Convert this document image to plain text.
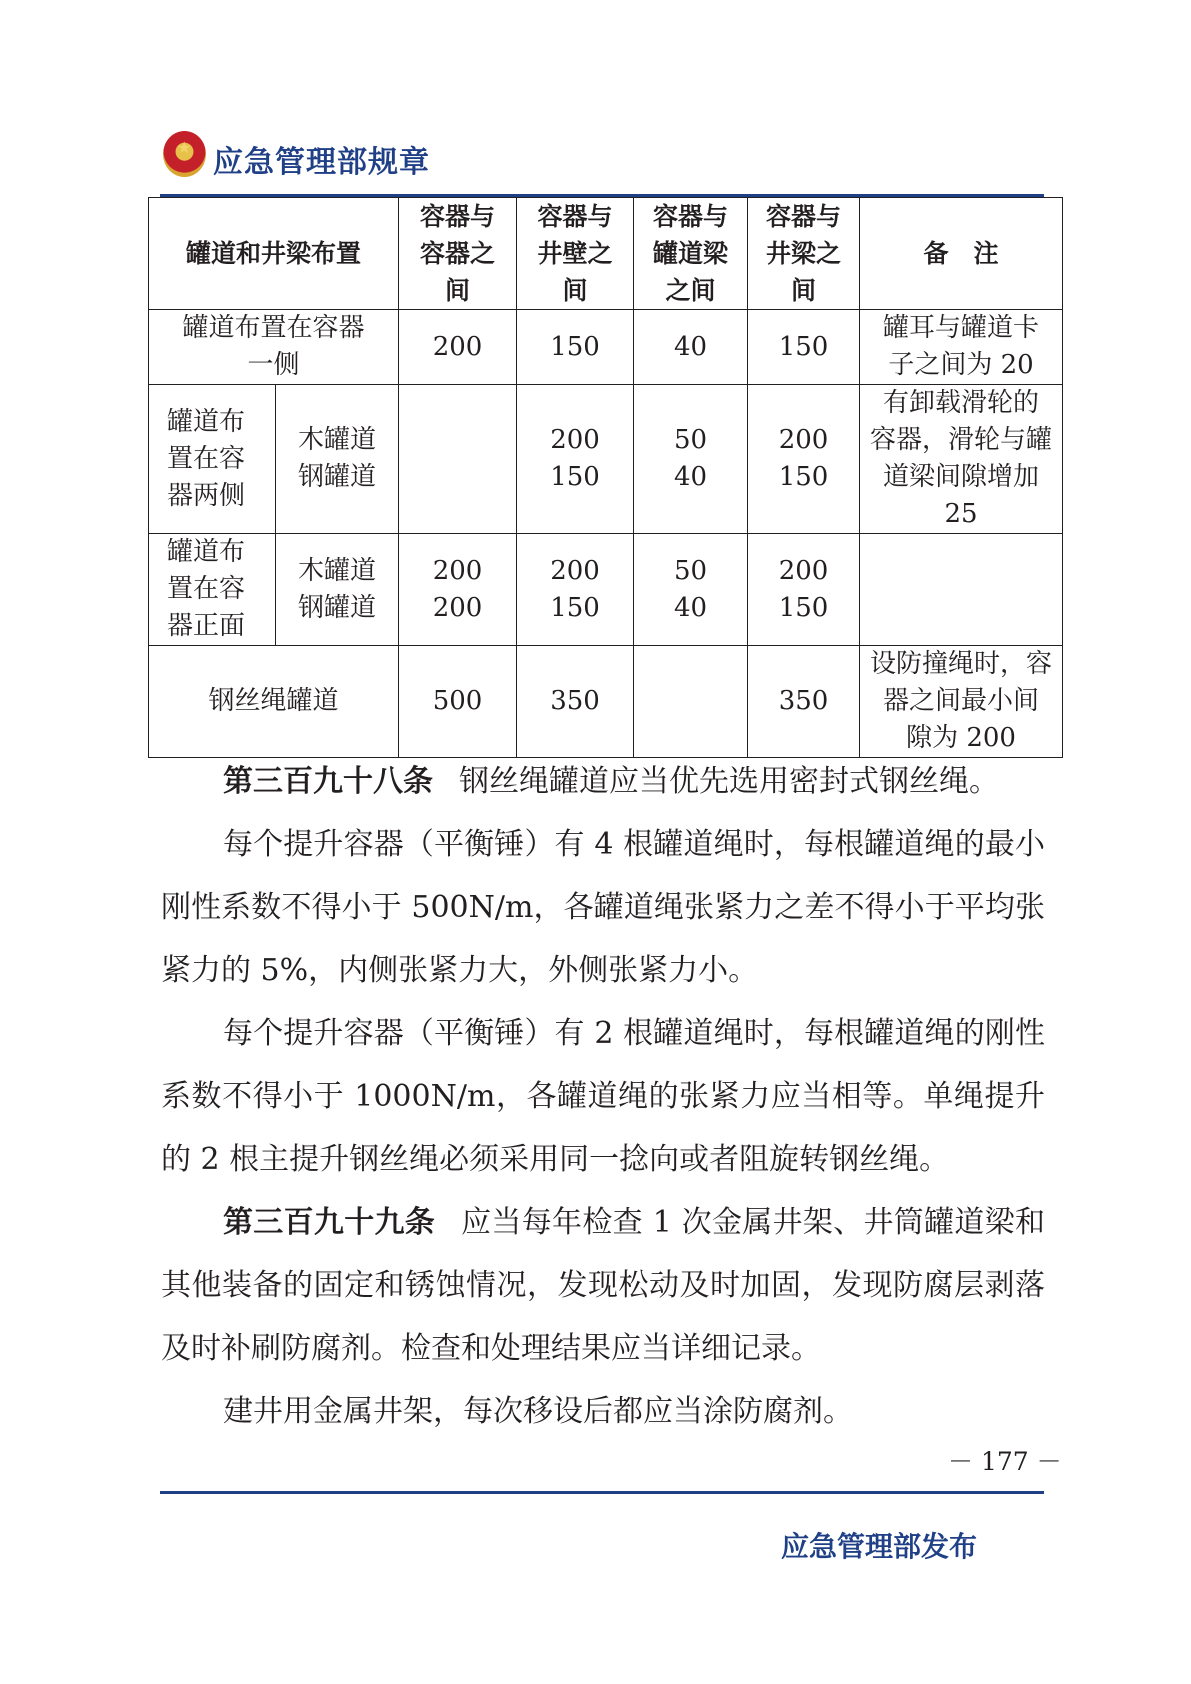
★ 应急管理部规章
罐道和井梁布置		容器与
容器之
间	容器与
井壁之
间	容器与
罐道梁
之间	容器与
井梁之
间	备　注
罐道布置在容器
一侧		200	150	40	150	罐耳与罐道卡
子之间为 20
罐道布
置在容
器两侧	木罐道
钢罐道		200
150	50
40	200
150	有卸载滑轮的
容器，滑轮与罐
道梁间隙增加
25
罐道布
置在容
器正面	木罐道
钢罐道	200
200	200
150	50
40	200
150	
钢丝绳罐道		500	350		350	设防撞绳时，容
器之间最小间
隙为 200

第三百九十八条 钢丝绳罐道应当优先选用密封式钢丝绳。

每个提升容器（平衡锤）有 4 根罐道绳时，每根罐道绳的最小刚性系数不得小于 500N/m，各罐道绳张紧力之差不得小于平均张紧力的 5%，内侧张紧力大，外侧张紧力小。

每个提升容器（平衡锤）有 2 根罐道绳时，每根罐道绳的刚性系数不得小于 1000N/m，各罐道绳的张紧力应当相等。单绳提升的 2 根主提升钢丝绳必须采用同一捻向或者阻旋转钢丝绳。

第三百九十九条 应当每年检查 1 次金属井架、井筒罐道梁和其他装备的固定和锈蚀情况，发现松动及时加固，发现防腐层剥落及时补刷防腐剂。检查和处理结果应当详细记录。

建井用金属井架，每次移设后都应当涂防腐剂。

－ 177 －
应急管理部发布
